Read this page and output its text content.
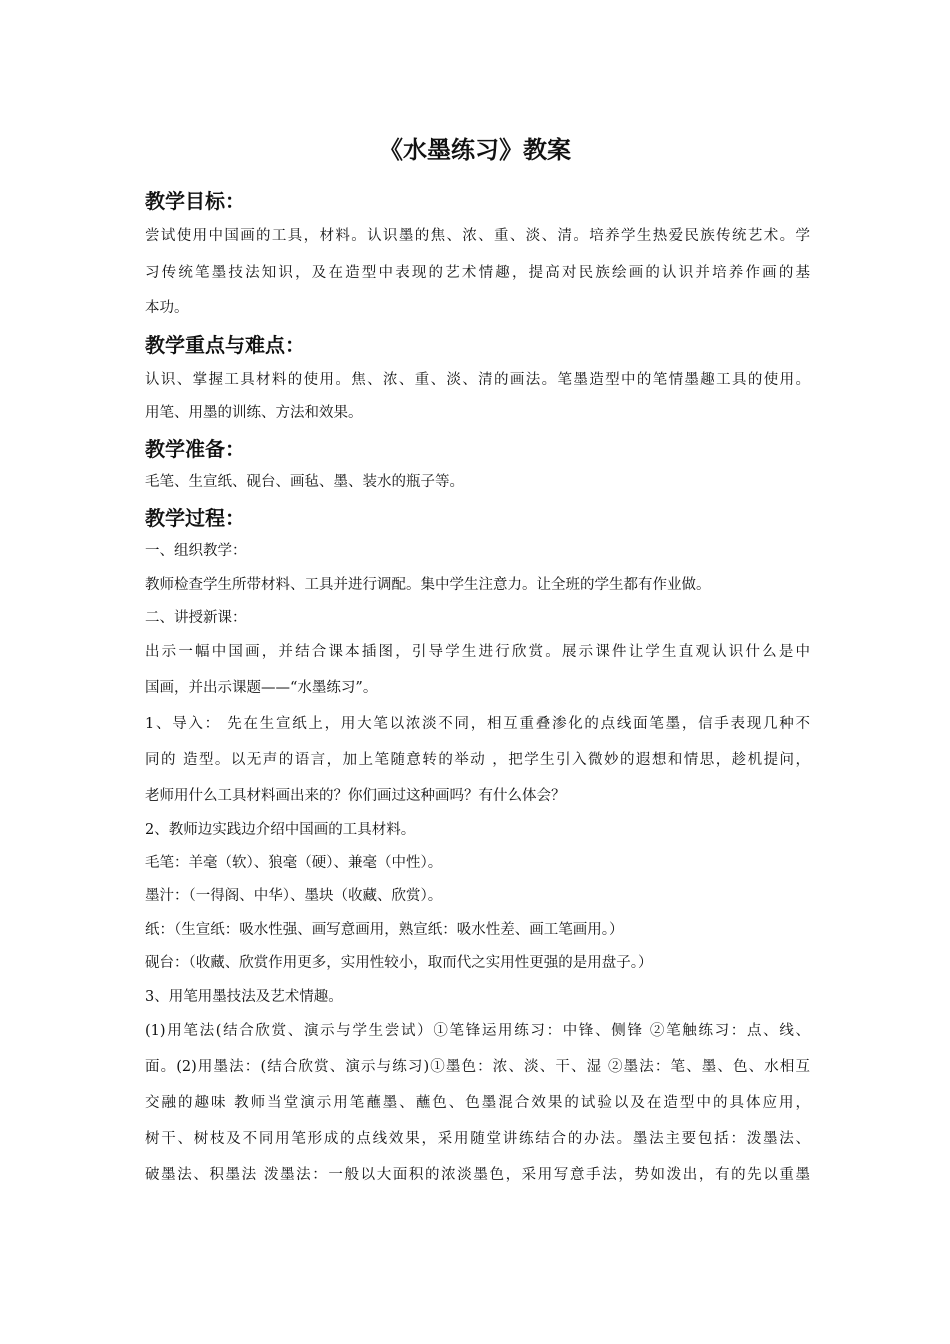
《水墨练习》教案
教学目标：

尝试使用中国画的工具，材料。认识墨的焦、浓、重、淡、清。培养学生热爱民族传统艺术。学

习传统笔墨技法知识，及在造型中表现的艺术情趣，提高对民族绘画的认识并培养作画的基

本功。

教学重点与难点：

认识、掌握工具材料的使用。焦、浓、重、淡、清的画法。笔墨造型中的笔情墨趣工具的使用。

用笔、用墨的训练、方法和效果。

教学准备：

毛笔、生宣纸、砚台、画毡、墨、装水的瓶子等。

教学过程：

一、组织教学：

教师检查学生所带材料、工具并进行调配。集中学生注意力。让全班的学生都有作业做。

二、讲授新课：

出示一幅中国画，并结合课本插图，引导学生进行欣赏。展示课件让学生直观认识什么是中

国画，并出示课题——“水墨练习”。

1、导入： 先在生宣纸上，用大笔以浓淡不同，相互重叠渗化的点线面笔墨，信手表现几种不

同的 造型。以无声的语言，加上笔随意转的举动 ，把学生引入微妙的遐想和情思，趁机提问，

老师用什么工具材料画出来的？你们画过这种画吗？有什么体会？

2、教师边实践边介绍中国画的工具材料。

毛笔：羊毫（软）、狼毫（硬）、兼毫（中性）。

墨汁：（一得阁、中华）、墨块（收藏、欣赏）。

纸：（生宣纸：吸水性强、画写意画用，熟宣纸：吸水性差、画工笔画用。）

砚台：（收藏、欣赏作用更多，实用性较小，取而代之实用性更强的是用盘子。）

3、用笔用墨技法及艺术情趣。

(1)用笔法(结合欣赏、演示与学生尝试）①笔锋运用练习：中锋、侧锋 ②笔触练习：点、线、

面。(2)用墨法：(结合欣赏、演示与练习)①墨色：浓、淡、干、湿 ②墨法：笔、墨、色、水相互

交融的趣味 教师当堂演示用笔蘸墨、蘸色、色墨混合效果的试验以及在造型中的具体应用，

树干、树枝及不同用笔形成的点线效果，采用随堂讲练结合的办法。墨法主要包括：泼墨法、

破墨法、积墨法 泼墨法：一般以大面积的浓淡墨色，采用写意手法，势如泼出，有的先以重墨
